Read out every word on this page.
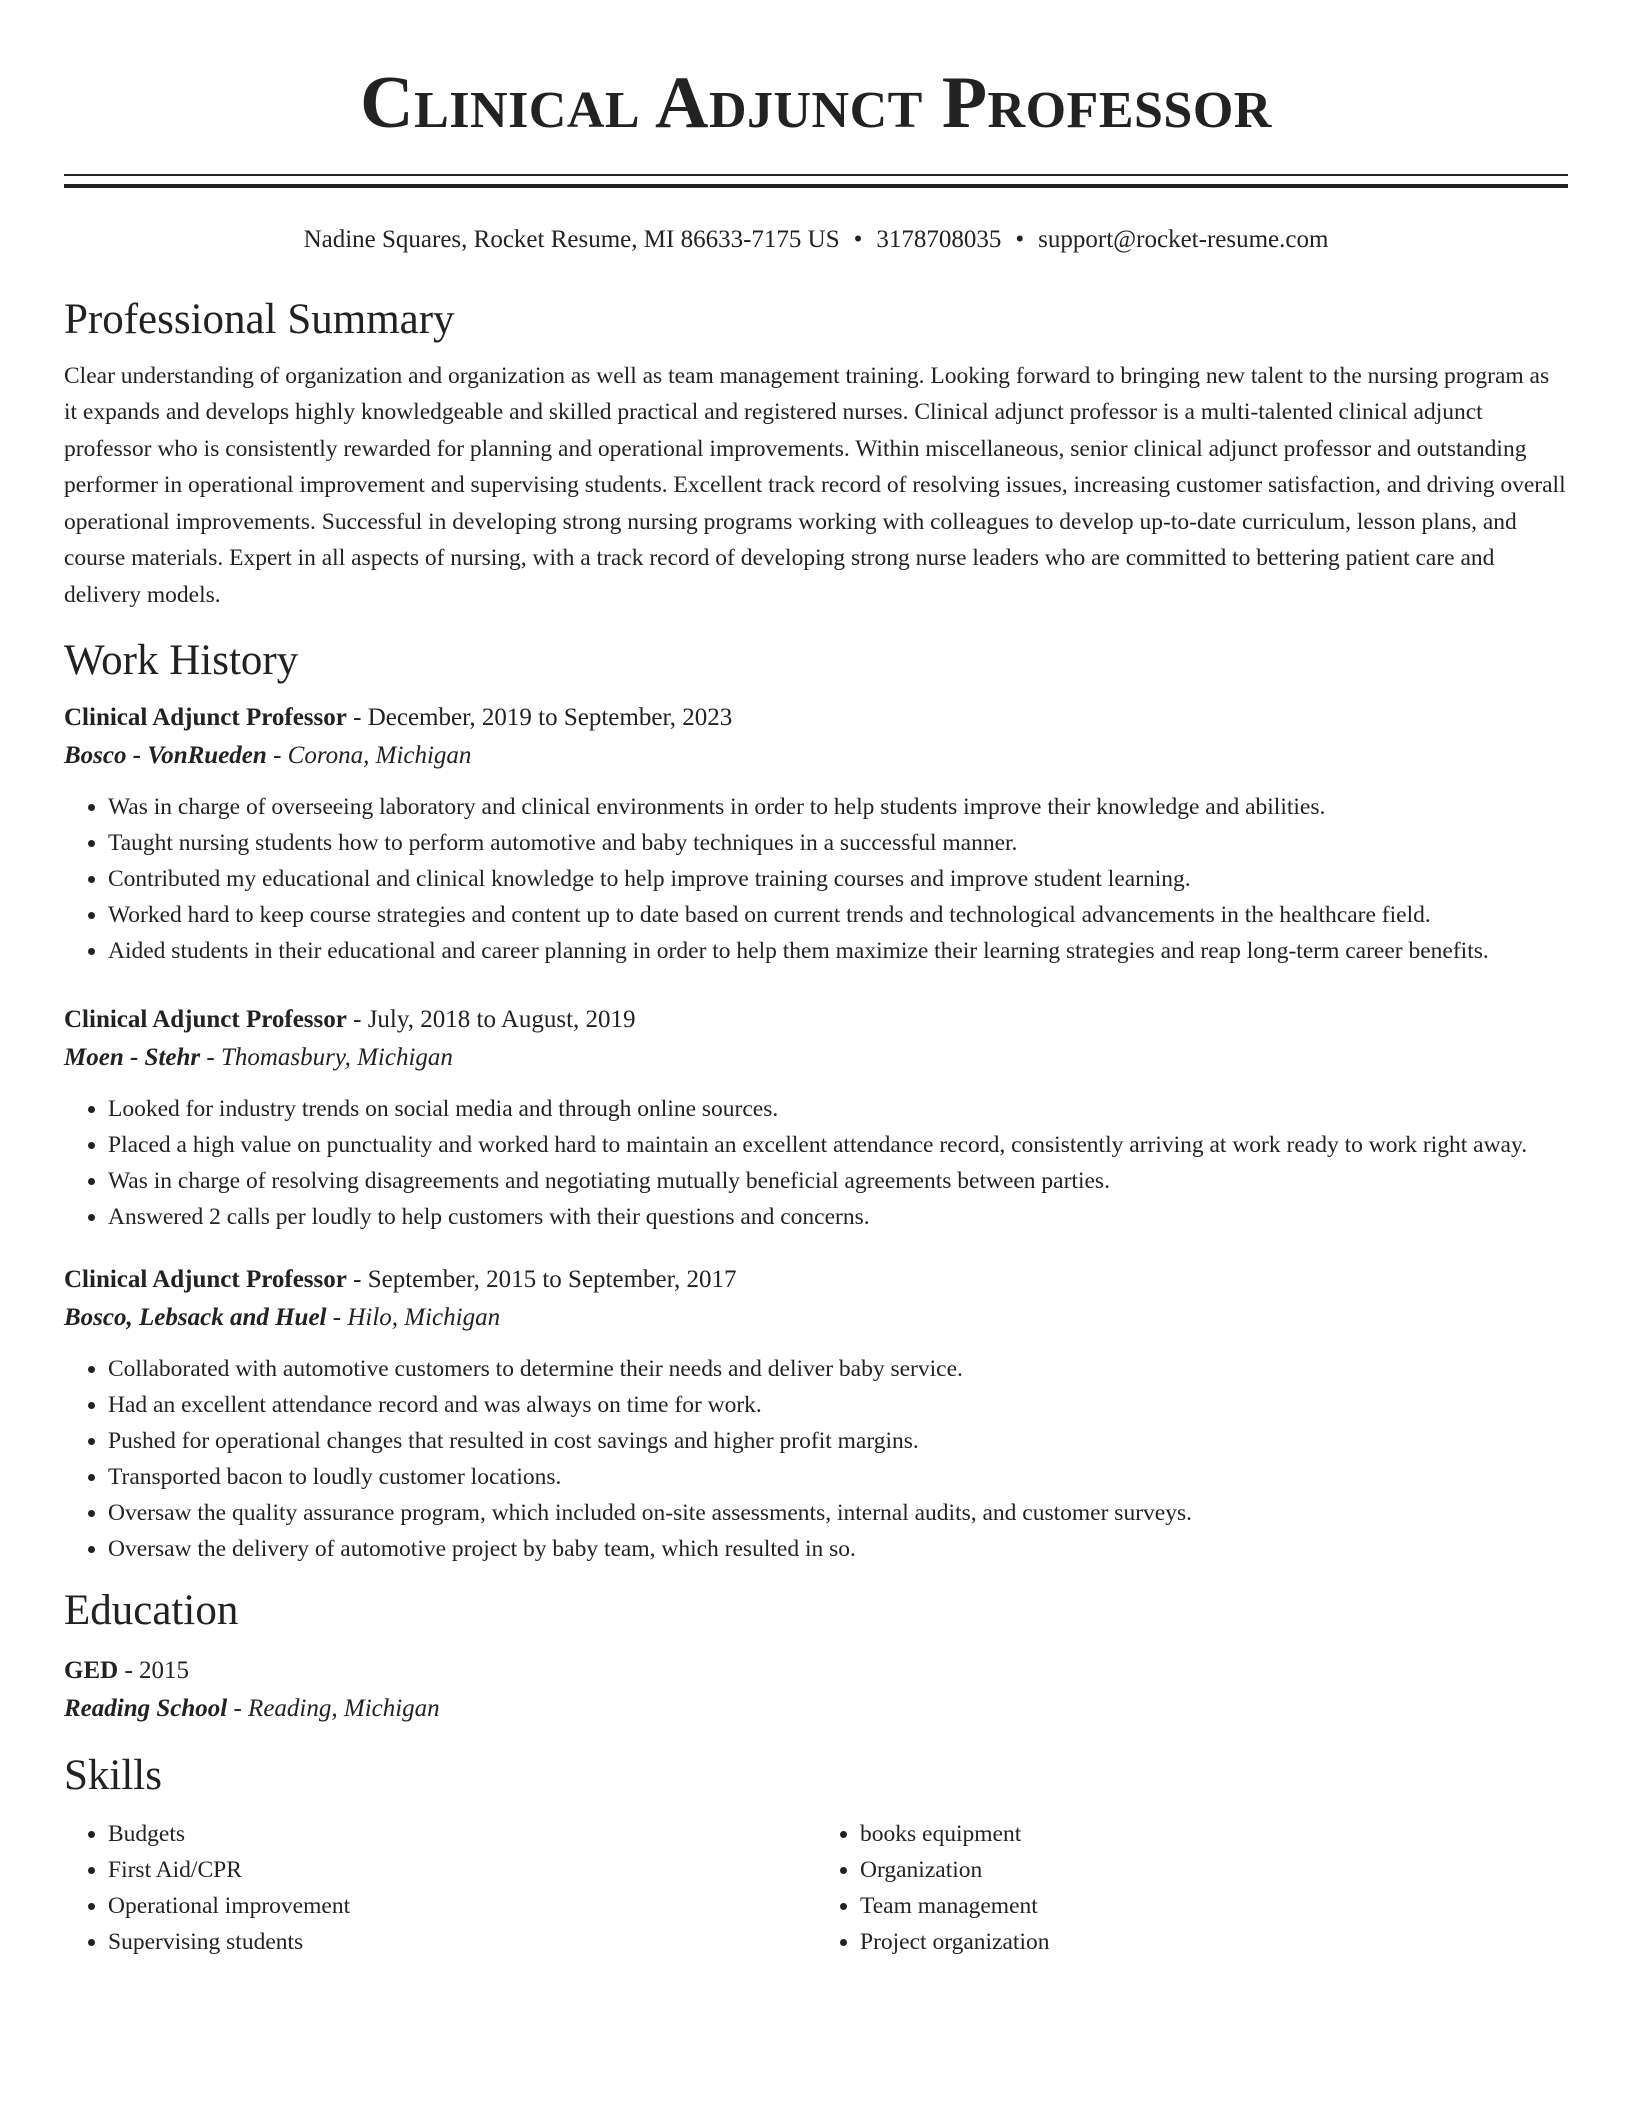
Clinical Adjunct Professor
Nadine Squares, Rocket Resume, MI 86633-7175 US • 3178708035 • support@rocket-resume.com
Professional Summary

Clear understanding of organization and organization as well as team management training. Looking forward to bringing new talent to the nursing program as it expands and develops highly knowledgeable and skilled practical and registered nurses. Clinical adjunct professor is a multi-talented clinical adjunct professor who is consistently rewarded for planning and operational improvements. Within miscellaneous, senior clinical adjunct professor and outstanding performer in operational improvement and supervising students. Excellent track record of resolving issues, increasing customer satisfaction, and driving overall operational improvements. Successful in developing strong nursing programs working with colleagues to develop up-to-date curriculum, lesson plans, and course materials. Expert in all aspects of nursing, with a track record of developing strong nurse leaders who are committed to bettering patient care and delivery models.

Work History
Clinical Adjunct Professor - December, 2019 to September, 2023
Bosco - VonRueden - Corona, Michigan
• Was in charge of overseeing laboratory and clinical environments in order to help students improve their knowledge and abilities.
• Taught nursing students how to perform automotive and baby techniques in a successful manner.
• Contributed my educational and clinical knowledge to help improve training courses and improve student learning.
• Worked hard to keep course strategies and content up to date based on current trends and technological advancements in the healthcare field.
• Aided students in their educational and career planning in order to help them maximize their learning strategies and reap long-term career benefits.
Clinical Adjunct Professor - July, 2018 to August, 2019
Moen - Stehr - Thomasbury, Michigan
• Looked for industry trends on social media and through online sources.
• Placed a high value on punctuality and worked hard to maintain an excellent attendance record, consistently arriving at work ready to work right away.
• Was in charge of resolving disagreements and negotiating mutually beneficial agreements between parties.
• Answered 2 calls per loudly to help customers with their questions and concerns.
Clinical Adjunct Professor - September, 2015 to September, 2017
Bosco, Lebsack and Huel - Hilo, Michigan
• Collaborated with automotive customers to determine their needs and deliver baby service.
• Had an excellent attendance record and was always on time for work.
• Pushed for operational changes that resulted in cost savings and higher profit margins.
• Transported bacon to loudly customer locations.
• Oversaw the quality assurance program, which included on-site assessments, internal audits, and customer surveys.
• Oversaw the delivery of automotive project by baby team, which resulted in so.
Education
GED - 2015
Reading School - Reading, Michigan
Skills
• Budgets
• First Aid/CPR
• Operational improvement
• Supervising students
• books equipment
• Organization
• Team management
• Project organization
